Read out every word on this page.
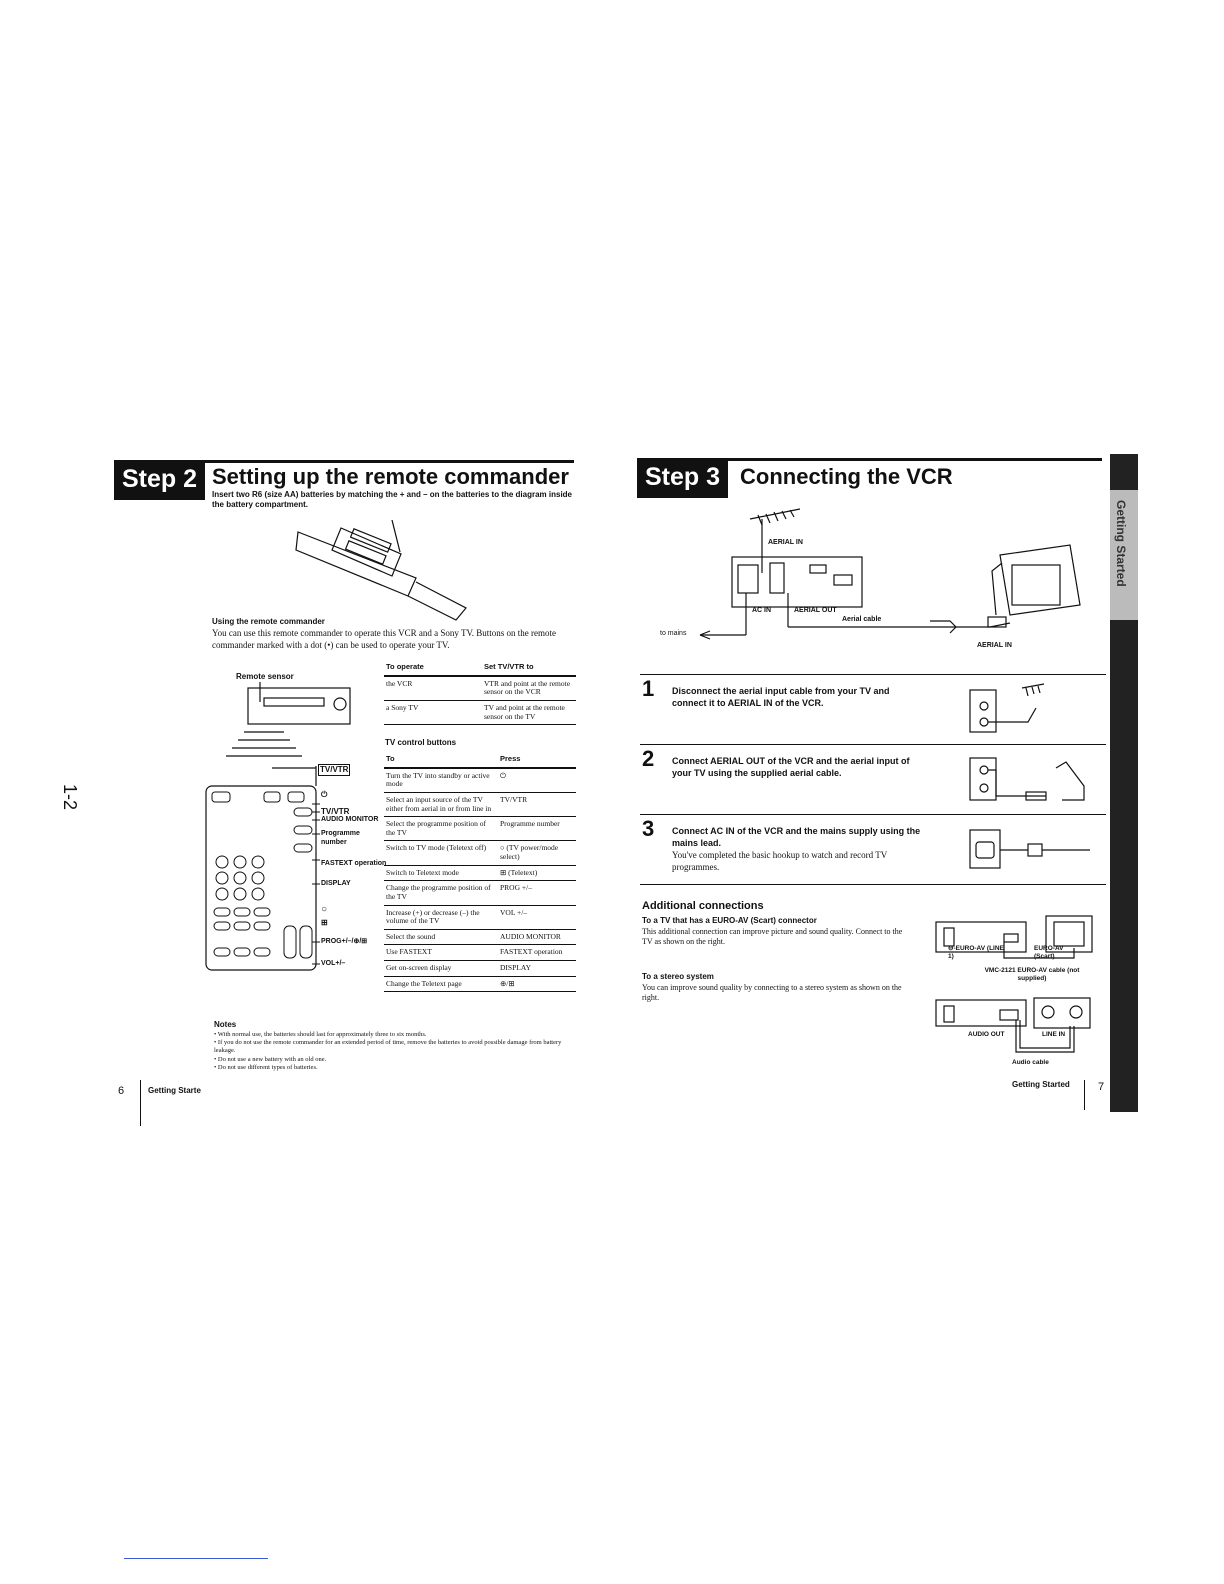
Step 2 Setting up the remote commander
Insert two R6 (size AA) batteries by matching the + and – on the batteries to the diagram inside the battery compartment.
Using the remote commander
You can use this remote commander to operate this VCR and a Sony TV. Buttons on the remote commander marked with a dot (•) can be used to operate your TV.
Remote sensor
TV/VTR
⏻
TV/VTR
AUDIO MONITOR
Programme number
FASTEXT operation
DISPLAY
○
⊞
PROG+/–/⊕/⊞
VOL+/–
To operate	Set TV/VTR to
the VCR	VTR and point at the remote sensor on the VCR
a Sony TV	TV and point at the remote sensor on the TV
TV control buttons
To	Press
Turn the TV into standby or active mode	⏻
Select an input source of the TV either from aerial in or from line in	TV/VTR
Select the programme position of the TV	Programme number
Switch to TV mode (Teletext off)	○ (TV power/mode select)
Switch to Teletext mode	⊞ (Teletext)
Change the programme position of the TV	PROG +/–
Increase (+) or decrease (–) the volume of the TV	VOL +/–
Select the sound	AUDIO MONITOR
Use FASTEXT	FASTEXT operation
Get on-screen display	DISPLAY
Change the Teletext page	⊕/⊞
Notes
• With normal use, the batteries should last for approximately three to six months.
• If you do not use the remote commander for an extended period of time, remove the batteries to avoid possible damage from battery leakage.
• Do not use a new battery with an old one.
• Do not use different types of batteries.
6	Getting Starte
1-2
Step 3 Connecting the VCR
AERIAL IN
AC IN	AERIAL OUT
Aerial cable
to mains
AERIAL IN
1 Disconnect the aerial input cable from your TV and connect it to AERIAL IN of the VCR.
2 Connect AERIAL OUT of the VCR and the aerial input of your TV using the supplied aerial cable.
3 Connect AC IN of the VCR and the mains supply using the mains lead.
You've completed the basic hookup to watch and record TV programmes.
Additional connections
To a TV that has a EURO-AV (Scart) connector
This additional connection can improve picture and sound quality. Connect to the TV as shown on the right.
⊖-EURO-AV (LINE 1)
EURO-AV (Scart)
VMC-2121 EURO-AV cable (not supplied)
To a stereo system
You can improve sound quality by connecting to a stereo system as shown on the right.
AUDIO OUT	LINE IN
Audio cable
Getting Started	7
Getting Started
